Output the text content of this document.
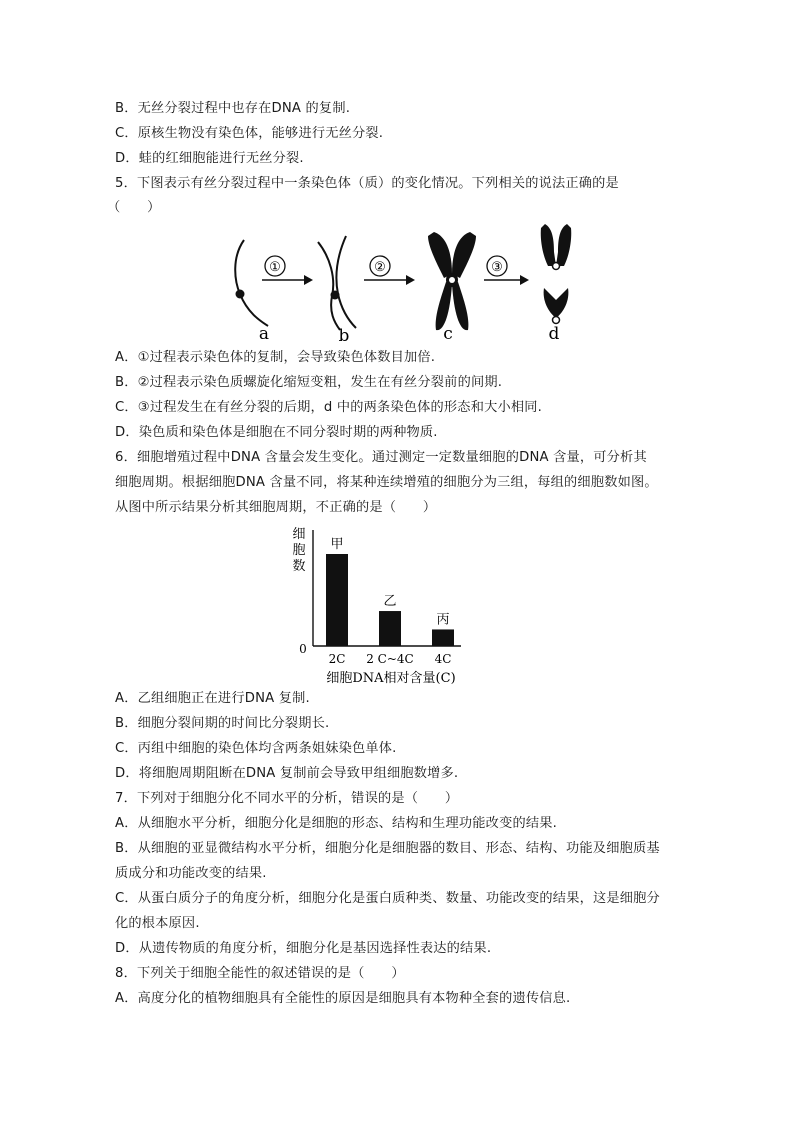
B．无丝分裂过程中也存在DNA 的复制.
C．原核生物没有染色体，能够进行无丝分裂.
D．蛙的红细胞能进行无丝分裂.
5．下图表示有丝分裂过程中一条染色体（质）的变化情况。下列相关的说法正确的是
（　　）
①	②	③
a	b	c	d
A．①过程表示染色体的复制，会导致染色体数目加倍.
B．②过程表示染色质螺旋化缩短变粗，发生在有丝分裂前的间期.
C．③过程发生在有丝分裂的后期，d 中的两条染色体的形态和大小相同.
D．染色质和染色体是细胞在不同分裂时期的两种物质.
6．细胞增殖过程中DNA 含量会发生变化。通过测定一定数量细胞的DNA 含量，可分析其
细胞周期。根据细胞DNA 含量不同，将某种连续增殖的细胞分为三组，每组的细胞数如图。
从图中所示结果分析其细胞周期，不正确的是（　　）
细
胞
数
0
甲
2C
乙
2 C~4C
丙
4C
细胞DNA相对含量(C)
A．乙组细胞正在进行DNA 复制.
B．细胞分裂间期的时间比分裂期长.
C．丙组中细胞的染色体均含两条姐妹染色单体.
D．将细胞周期阻断在DNA 复制前会导致甲组细胞数增多.
7．下列对于细胞分化不同水平的分析，错误的是（　　）
A．从细胞水平分析，细胞分化是细胞的形态、结构和生理功能改变的结果.
B．从细胞的亚显微结构水平分析，细胞分化是细胞器的数目、形态、结构、功能及细胞质基
质成分和功能改变的结果.
C．从蛋白质分子的角度分析，细胞分化是蛋白质种类、数量、功能改变的结果，这是细胞分
化的根本原因.
D．从遗传物质的角度分析，细胞分化是基因选择性表达的结果.
8．下列关于细胞全能性的叙述错误的是（　　）
A．高度分化的植物细胞具有全能性的原因是细胞具有本物种全套的遗传信息.
